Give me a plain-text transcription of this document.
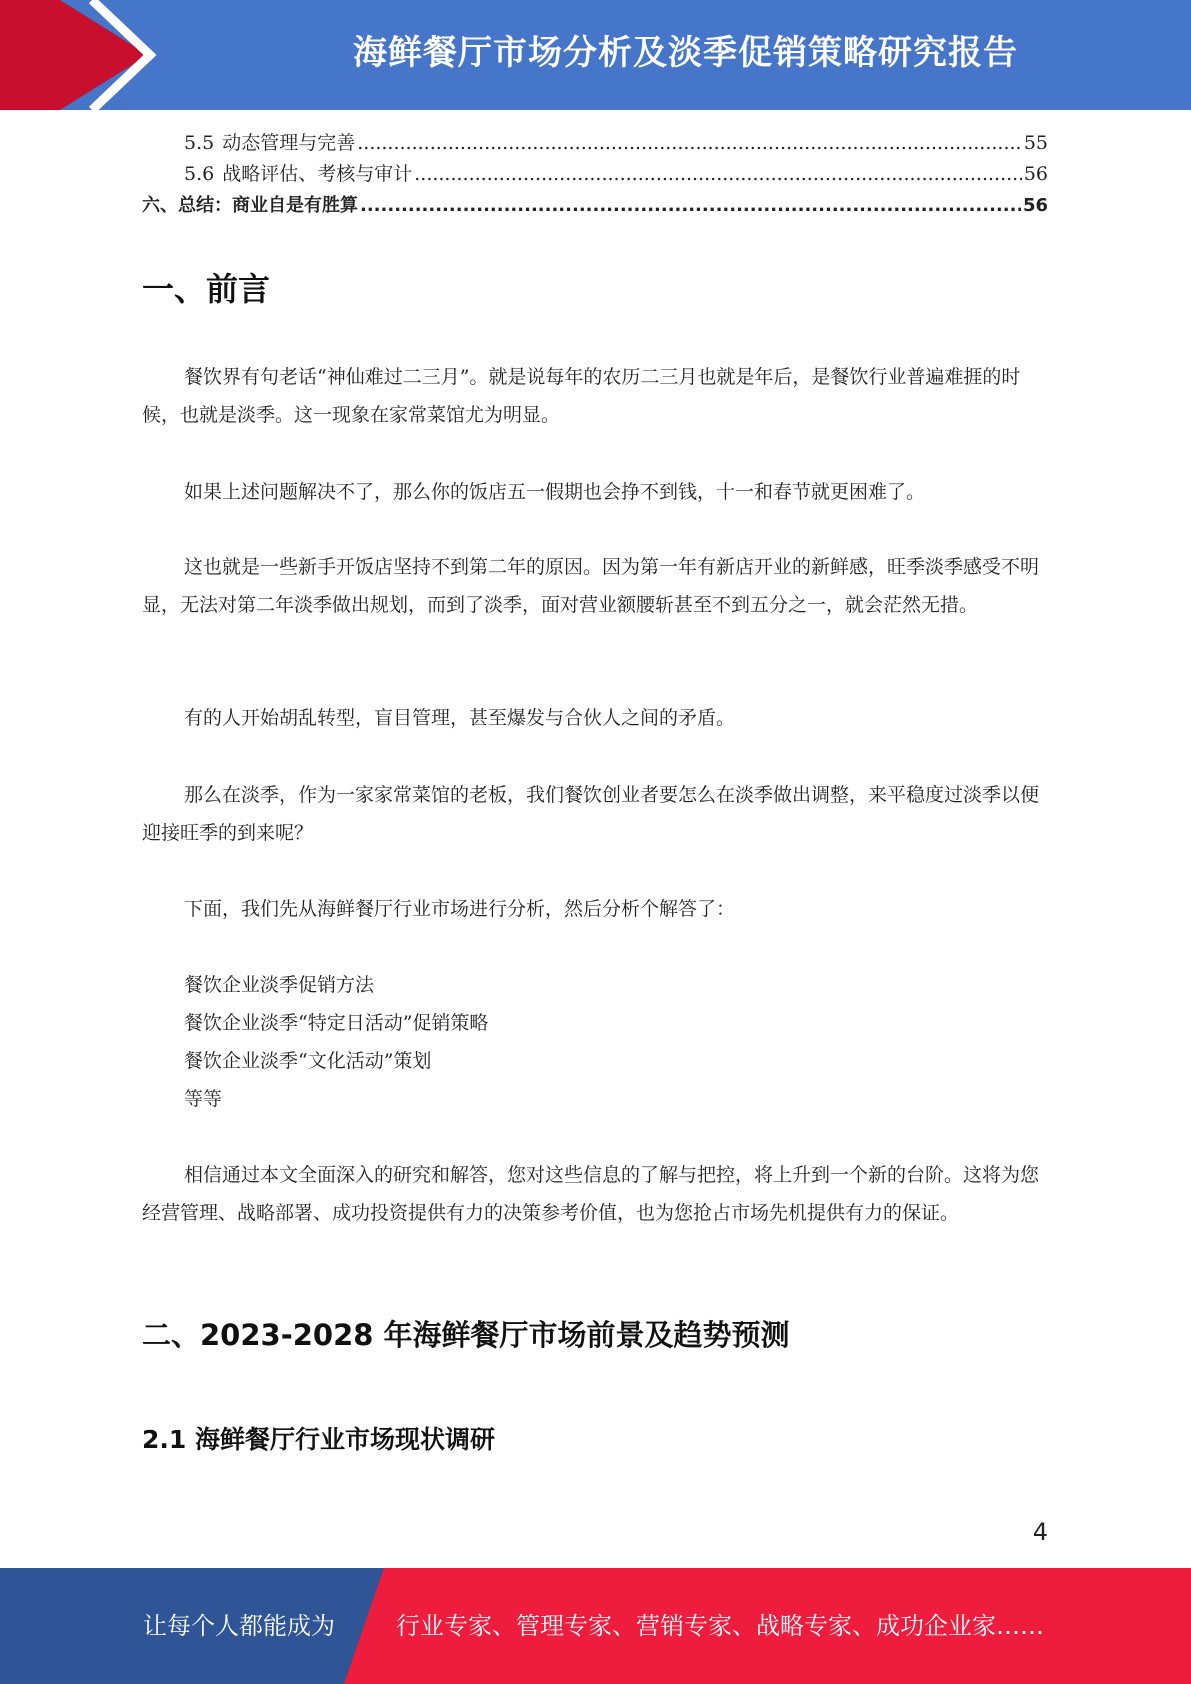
海鲜餐厅市场分析及淡季促销策略研究报告
5.5 动态管理与完善 .....	55
5.6 战略评估、考核与审计 .....	56
六、总结：商业自是有胜算 .....	56
一、前言

餐饮界有句老话“神仙难过二三月”。就是说每年的农历二三月也就是年后，是餐饮行业普遍难捱的时候，也就是淡季。这一现象在家常菜馆尤为明显。

如果上述问题解决不了，那么你的饭店五一假期也会挣不到钱，十一和春节就更困难了。

这也就是一些新手开饭店坚持不到第二年的原因。因为第一年有新店开业的新鲜感，旺季淡季感受不明显，无法对第二年淡季做出规划，而到了淡季，面对营业额腰斩甚至不到五分之一，就会茫然无措。

有的人开始胡乱转型，盲目管理，甚至爆发与合伙人之间的矛盾。

那么在淡季，作为一家家常菜馆的老板，我们餐饮创业者要怎么在淡季做出调整，来平稳度过淡季以便迎接旺季的到来呢？

下面，我们先从海鲜餐厅行业市场进行分析，然后分析个解答了：

餐饮企业淡季促销方法

餐饮企业淡季“特定日活动”促销策略

餐饮企业淡季“文化活动”策划

等等

相信通过本文全面深入的研究和解答，您对这些信息的了解与把控，将上升到一个新的台阶。这将为您经营管理、战略部署、成功投资提供有力的决策参考价值，也为您抢占市场先机提供有力的保证。

二、2023-2028 年海鲜餐厅市场前景及趋势预测
2.1 海鲜餐厅行业市场现状调研
4
让每个人都能成为	行业专家、管理专家、营销专家、战略专家、成功企业家……
